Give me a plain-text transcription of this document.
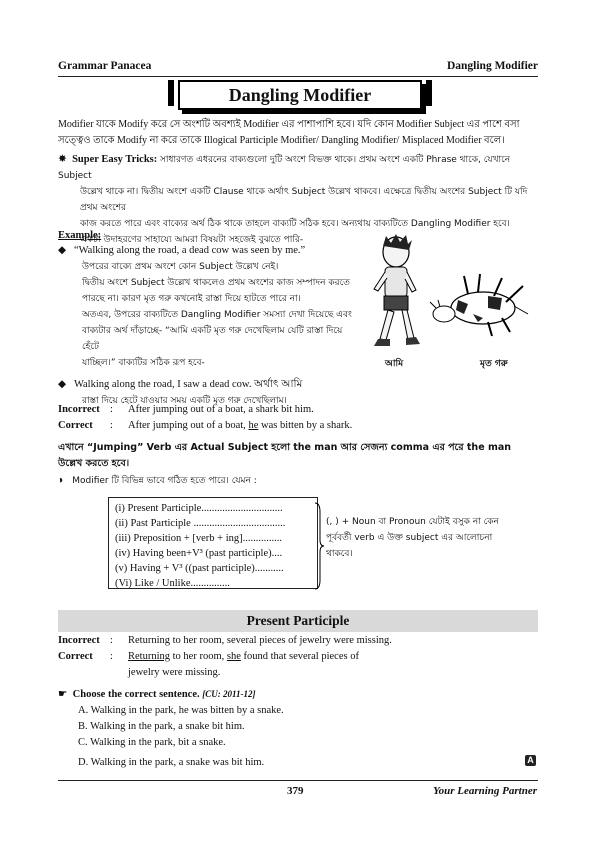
Grammar Panacea	Dangling Modifier
Dangling Modifier
Modifier যাকে Modify করে সে অংশটি অবশ্যই Modifier এর পাশাপাশি হবে। যদি কোন Modifier Subject এর পাশে বসা সত্ত্বেও তাকে Modify না করে তাকে Illogical Participle Modifier/ Dangling Modifier/ Misplaced Modifier বলে।
✸ Super Easy Tricks: সাধারণত এধরনের বাক্যগুলো দুটি অংশে বিভক্ত থাকে। প্রথম অংশে একটি Phrase থাকে, যেখানে Subject
উল্লেখ থাকে না। দ্বিতীয় অংশে একটি Clause থাকে অর্থাৎ Subject উল্লেখ থাকবে। এক্ষেত্রে দ্বিতীয় অংশের Subject টি যদি প্রথম অংশের
কাজ করতে পারে এবং বাক্যের অর্থ ঠিক থাকে তাহলে বাক্যটি সঠিক হবে। অন্যথায় বাক্যটিতে Dangling Modifier হবে।
একটা উদাহরণের সাহায্যে আমরা বিষয়টা সহজেই বুঝতে পারি-
Example:
◆ “Walking along the road, a dead cow was seen by me.”
উপরের বাক্যে প্রথম অংশে কোন Subject উল্লেখ নেই।
দ্বিতীয় অংশে Subject উল্লেখ থাকলেও প্রথম অংশের কাজ সম্পাদন করতে
পারছে না। কারণ মৃত গরু কখনোই রাস্তা দিয়ে হাটতে পারে না।
অতএব, উপরের বাক্যটিতে Dangling Modifier সমস্যা দেখা দিয়েছে এবং
বাক্যটার অর্থ দাঁড়াচ্ছে- “আমি একটি মৃত গরু দেখেছিলাম যেটি রাস্তা দিয়ে হেঁটে
যাচ্ছিল।” বাক্যটির সঠিক রূপ হবে-
◆ Walking along the road, I saw a dead cow. অর্থাৎ আমি
রাস্তা দিয়ে হেটে যাওয়ার সময় একটি মৃত গরু দেখেছিলাম।
আমি	মৃত গরু
Incorrect : After jumping out of a boat, a shark bit him.
Correct : After jumping out of a boat, he was bitten by a shark.
এখানে “Jumping” Verb এর Actual Subject হলো the man আর সেজন্য comma এর পরে the man উল্লেখ করতে হবে।
◗ Modifier টি বিভিন্ন ভাবে গঠিত হতে পারে। যেমন :
(i) Present Participle...............................
(ii) Past Participle ...................................
(iii) Preposition + [verb + ing]...............
(iv) Having been+V³ (past participle)....
(v) Having + V³ ((past participle)...........
(Vi) Like / Unlike...............
(, ) + Noun বা Pronoun যেটাই বসুক না কেন পূর্ববর্তী verb এ উক্ত subject এর আলোচনা থাকবে।
Present Participle
Incorrect : Returning to her room, several pieces of jewelry were missing.
Correct : Returning to her room, she found that several pieces of
jewelry were missing.
☛ Choose the correct sentence. [CU: 2011-12]
A. Walking in the park, he was bitten by a snake.
B. Walking in the park, a snake bit him.
C. Walking in the park, bit a snake.
D. Walking in the park, a snake was bit him.	A
379	Your Learning Partner
